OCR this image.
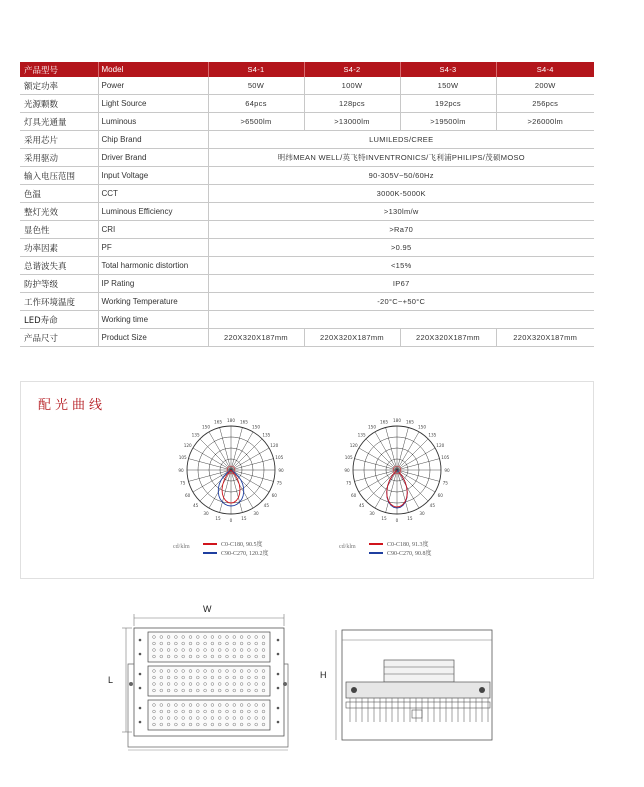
产品型号	Model	S4-1	S4-2	S4-3	S4-4
额定功率	Power	50W	100W	150W	200W
光源颗数	Light Source	64pcs	128pcs	192pcs	256pcs
灯具光通量	Luminous	>6500lm	>13000lm	>19500lm	>26000lm
采用芯片	Chip Brand	LUMILEDS/CREE			
采用驱动	Driver Brand	明纬MEAN WELL/英飞特INVENTRONICS/飞利浦PHILIPS/茂硕MOSO			
输入电压范围	Input Voltage	90-305V~50/60Hz			
色温	CCT	3000K-5000K			
整灯光效	Luminous Efficiency	>130lm/w			
显色性	CRI	>Ra70			
功率因素	PF	>0.95			
总谐波失真	Total harmonic distortion	<15%			
防护等级	IP Rating	IP67			
工作环境温度	Working Temperature	-20°C~+50°C			
LED寿命	Working time				
产品尺寸	Product Size	220X320X187mm	220X320X187mm	220X320X187mm	220X320X187mm
配光曲线
180 165
150
135
120
105
90
75
60
45
30
15
0
15
30
45
60
75
90
105
120
135
150
165	180 165
150
135
120
105
90
75
60
45
30
15
0
15
30
45
60
75
90
105
120
135
150
165
cd/klm	C0-C180, 90.5度
C90-C270, 120.2度
cd/klm	C0-C180, 91.3度
C90-C270, 90.8度
W
L	H
